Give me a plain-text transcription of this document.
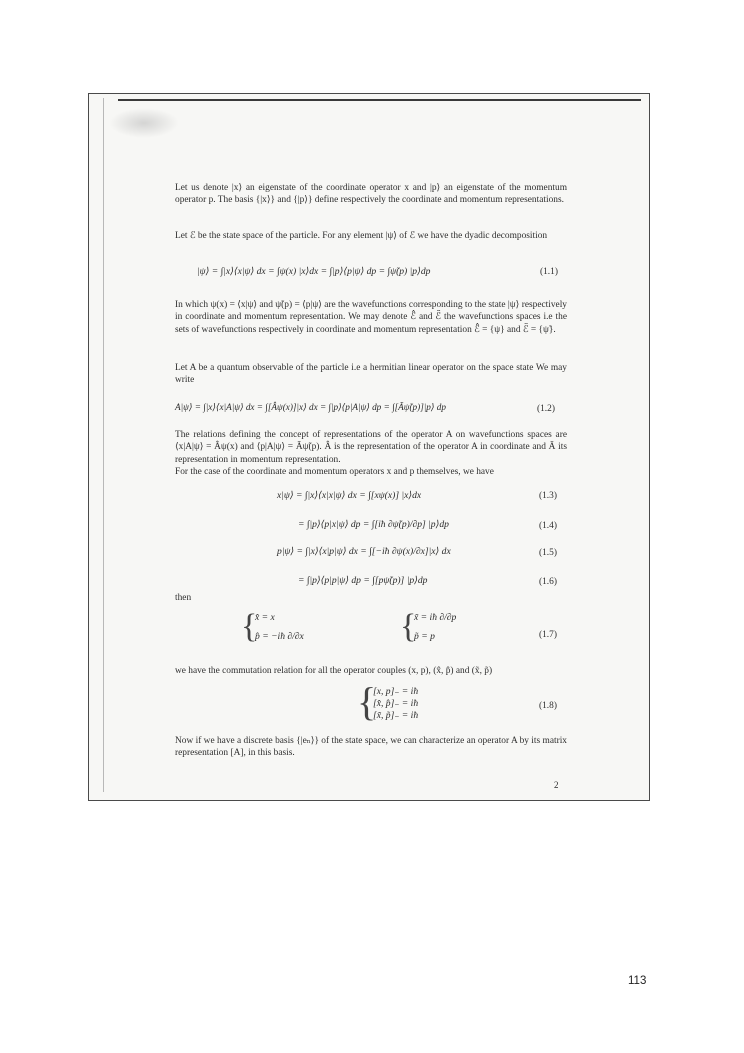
Let us denote |x⟩ an eigenstate of the coordinate operator x and |p⟩ an eigenstate of the momentum operator p. The basis {|x⟩} and {|p⟩} define respectively the coordinate and momentum representations.
Let ℰ be the state space of the particle. For any element |ψ⟩ of ℰ we have the dyadic decomposition
|ψ⟩ = ∫|x⟩⟨x|ψ⟩ dx = ∫ψ(x) |x⟩dx = ∫|p⟩⟨p|ψ⟩ dp = ∫ψ̃(p) |p⟩dp	(1.1)
In which ψ(x) = ⟨x|ψ⟩ and ψ̃(p) = ⟨p|ψ⟩ are the wavefunctions corresponding to the state |ψ⟩ respectively in coordinate and momentum representation. We may denote ℰ̂ and ℰ̃ the wavefunctions spaces i.e the sets of wavefunctions respectively in coordinate and momentum representation ℰ̂ = {ψ} and ℰ̃ = {ψ̃}.
Let A be a quantum observable of the particle i.e a hermitian linear operator on the space state We may write
A|ψ⟩ = ∫|x⟩⟨x|A|ψ⟩ dx = ∫[Âψ(x)]|x⟩ dx = ∫|p⟩⟨p|A|ψ⟩ dp = ∫[Ãψ̃(p)]|p⟩ dp	(1.2)
The relations defining the concept of representations of the operator A on wavefunctions spaces are ⟨x|A|ψ⟩ = Âψ(x) and ⟨p|A|ψ⟩ = Ãψ̃(p). Â is the representation of the operator A in coordinate and Ã its representation in momentum representation.
For the case of the coordinate and momentum operators x and p themselves, we have
x|ψ⟩ = ∫|x⟩⟨x|x|ψ⟩ dx = ∫[xψ(x)] |x⟩dx	(1.3)
= ∫|p⟩⟨p|x|ψ⟩ dp = ∫[iħ ∂ψ̃(p)/∂p] |p⟩dp	(1.4)
p|ψ⟩ = ∫|x⟩⟨x|p|ψ⟩ dx = ∫[−iħ ∂ψ(x)/∂x]|x⟩ dx	(1.5)
= ∫|p⟩⟨p|p|ψ⟩ dp = ∫[pψ̃(p)] |p⟩dp	(1.6)
then
{
x̂ = x
p̂ = −iħ ∂/∂x	{
x̃ = iħ ∂/∂p
p̃ = p	(1.7)
we have the commutation relation for all the operator couples (x, p), (x̂, p̂) and (x̃, p̃)
{
[x, p]₋ = iħ
[x̂, p̂]₋ = iħ
[x̃, p̃]₋ = iħ
(1.8)
Now if we have a discrete basis {|eₙ⟩} of the state space, we can characterize an operator A by its matrix representation [A], in this basis.
2
113
